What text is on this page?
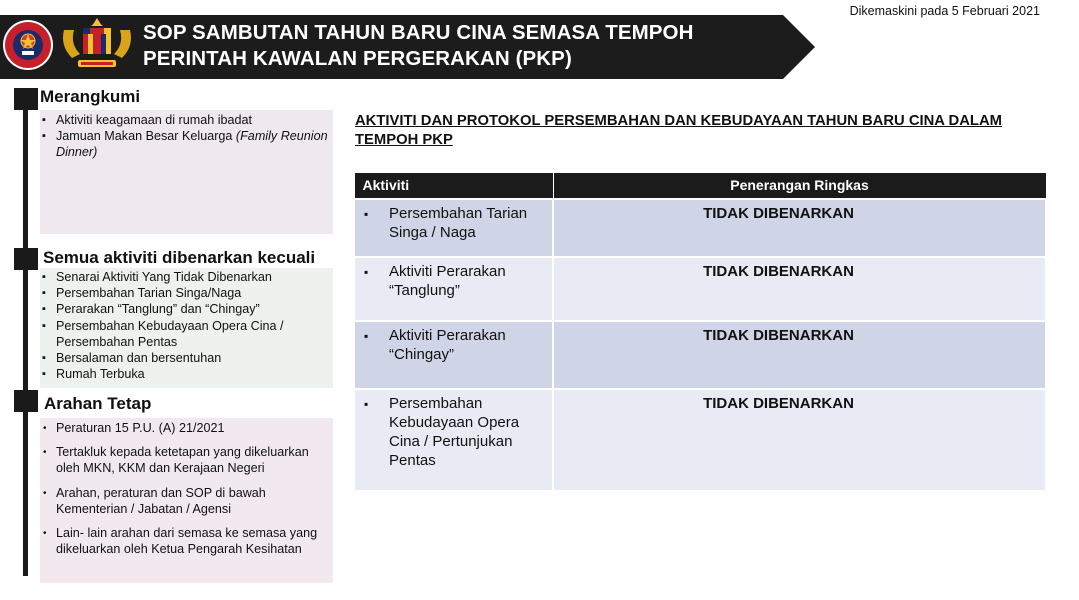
SOP SAMBUTAN TAHUN BARU CINA SEMASA TEMPOH PERINTAH KAWALAN PERGERAKAN (PKP)
Dikemaskini pada 5 Februari 2021
Merangkumi
▪ Aktiviti keagamaan di rumah ibadat
▪ Jamuan Makan Besar Keluarga (Family Reunion Dinner)
Semua aktiviti dibenarkan kecuali
▪ Senarai Aktiviti Yang Tidak Dibenarkan
▪ Persembahan Tarian Singa/Naga
▪ Perarakan “Tanglung” dan “Chingay”
▪ Persembahan Kebudayaan Opera Cina / Persembahan Pentas
▪ Bersalaman dan bersentuhan
▪ Rumah Terbuka
Arahan Tetap
• Peraturan 15 P.U. (A) 21/2021
• Tertakluk kepada ketetapan yang dikeluarkan oleh MKN, KKM dan Kerajaan Negeri
• Arahan, peraturan dan SOP di bawah Kementerian / Jabatan / Agensi
• Lain- lain arahan dari semasa ke semasa yang dikeluarkan oleh Ketua Pengarah Kesihatan
AKTIVITI DAN PROTOKOL PERSEMBAHAN DAN KEBUDAYAAN TAHUN BARU CINA DALAM TEMPOH PKP
Aktiviti	Penerangan Ringkas

▪ Persembahan Tarian Singa / Naga	TIDAK DIBENARKAN

▪ Aktiviti Perarakan “Tanglung”	TIDAK DIBENARKAN

▪ Aktiviti Perarakan “Chingay”	TIDAK DIBENARKAN

▪ Persembahan Kebudayaan Opera Cina / Pertunjukan Pentas	TIDAK DIBENARKAN
